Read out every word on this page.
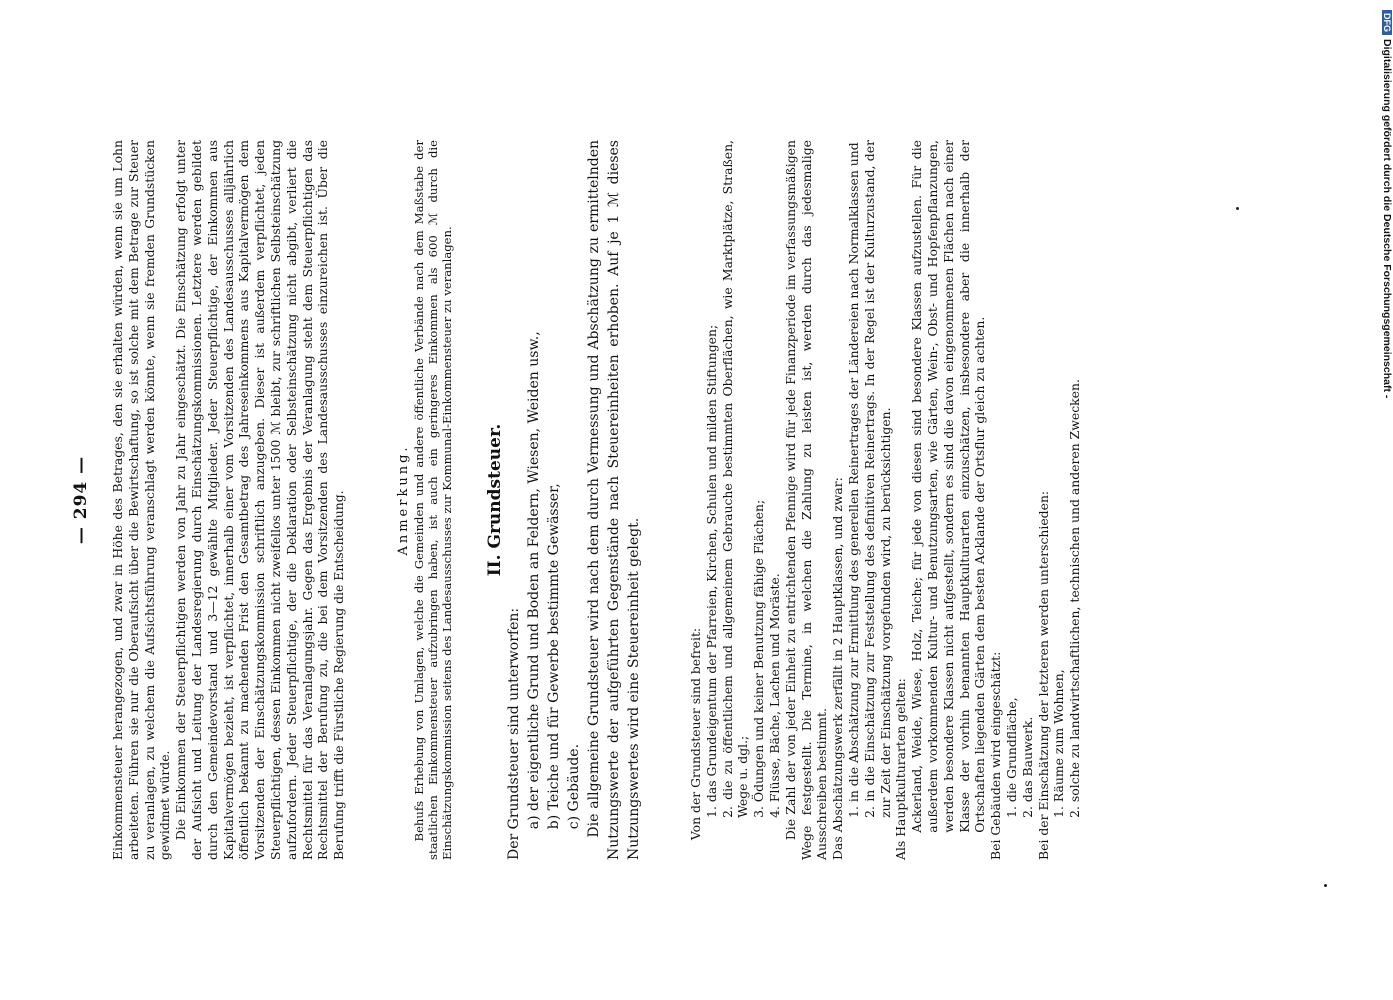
— 294 — Einkommensteuer herangezogen, und zwar in Höhe des Betrages, den sie erhalten würden, wenn sie um Lohn arbeiteten. Führen sie nur die Oberaufsicht über die Bewirtschaftung, so ist solche mit dem Betrage zur Steuer zu veranlagen, zu welchem die Aufsichtsführung veranschlagt werden könnte, wenn sie fremden Grundstücken gewidmet würde. Die Einkommen der Steuerpflichtigen werden von Jahr zu Jahr eingeschätzt. Die Einschätzung erfolgt unter der Aufsicht und Leitung der Landesregierung durch Einschätzungskommissionen. Letztere werden gebildet durch den Gemeindevorstand und 3—12 gewählte Mitglieder. Jeder Steuerpflichtige, der Einkommen aus Kapitalvermögen bezieht, ist verpflichtet, innerhalb einer vom Vorsitzenden des Landesausschusses alljährlich öffentlich bekannt zu machenden Frist den Gesamtbetrag des Jahreseinkommens aus Kapitalvermögen dem Vorsitzenden der Einschätzungskommission schriftlich anzugeben. Dieser ist außerdem verpflichtet, jeden Steuerpflichtigen, dessen Einkommen nicht zweifellos unter 1500 ℳ bleibt, zur schriftlichen Selbsteinschätzung aufzufordern. Jeder Steuerpflichtige, der die Deklaration oder Selbsteinschätzung nicht abgibt, verliert die Rechtsmittel für das Veranlagungsjahr. Gegen das Ergebnis der Veranlagung steht dem Steuerpflichtigen das Rechtsmittel der Berufung zu, die bei dem Vorsitzenden des Landesausschusses einzureichen ist. Über die Berufung trifft die Fürstliche Regierung die Entscheidung.	Anmerkung. Behufs Erhebung von Umlagen, welche die Gemeinden und andere öffentliche Verbände nach dem Maßstabe der staatlichen Einkommensteuer aufzubringen haben, ist auch ein geringeres Einkommen als 600 ℳ durch die Einschätzungskommission seitens des Landesausschusses zur Kommunal-Einkommensteuer zu veranlagen. II. Grundsteuer.

Der Grundsteuer sind unterworfen: a) der eigentliche Grund und Boden an Feldern, Wiesen, Weiden usw., b) Teiche und für Gewerbe bestimmte Gewässer, c) Gebäude. Die allgemeine Grundsteuer wird nach dem durch Vermessung und Abschätzung zu ermittelnden Nutzungswerte der aufgeführten Gegenstände nach Steuereinheiten erhoben. Auf je 1 ℳ dieses Nutzungswertes wird eine Steuereinheit gelegt.	Von der Grundsteuer sind befreit: 1. das Grundeigentum der Pfarreien, Kirchen, Schulen und milden Stiftungen; 2. die zu öffentlichem und allgemeinem Gebrauche bestimmten Oberflächen, wie Marktplätze, Straßen, Wege u. dgl.; 3. Ödungen und keiner Benutzung fähige Flächen; 4. Flüsse, Bäche, Lachen und Moräste. Die Zahl der von jeder Einheit zu entrichtenden Pfennige wird für jede Finanzperiode im verfassungsmäßigen Wege festgestellt. Die Termine, in welchen die Zahlung zu leisten ist, werden durch das jedesmalige Ausschreiben bestimmt. Das Abschätzungswerk zerfällt in 2 Hauptklassen, und zwar: 1. in die Abschätzung zur Ermittlung des generellen Reinertrages der Ländereien nach Normalklassen und 2. in die Einschätzung zur Feststellung des definitiven Reinertrags. In der Regel ist der Kulturzustand, der zur Zeit der Einschätzung vorgefunden wird, zu berücksichtigen. Als Hauptkulturarten gelten: Ackerland, Weide, Wiese, Holz, Teiche; für jede von diesen sind besondere Klassen aufzustellen. Für die außerdem vorkommenden Kultur- und Benutzungsarten, wie Gärten, Wein-, Obst- und Hopfenpflanzungen, werden besondere Klassen nicht aufgestellt, sondern es sind die davon eingenommenen Flächen nach einer Klasse der vorhin benannten Hauptkulturarten einzuschätzen, insbesondere aber die innerhalb der Ortschaften liegenden Gärten dem besten Acklande der Ortsflur gleich zu achten. Bei Gebäuden wird eingeschätzt: 1. die Grundfläche, 2. das Bauwerk. Bei der Einschätzung der letzteren werden unterschieden: 1. Räume zum Wohnen, 2. solche zu landwirtschaftlichen, technischen und anderen Zwecken.

DFGDigitalisierung gefördert durch die Deutsche Forschungsgemeinschaft -
